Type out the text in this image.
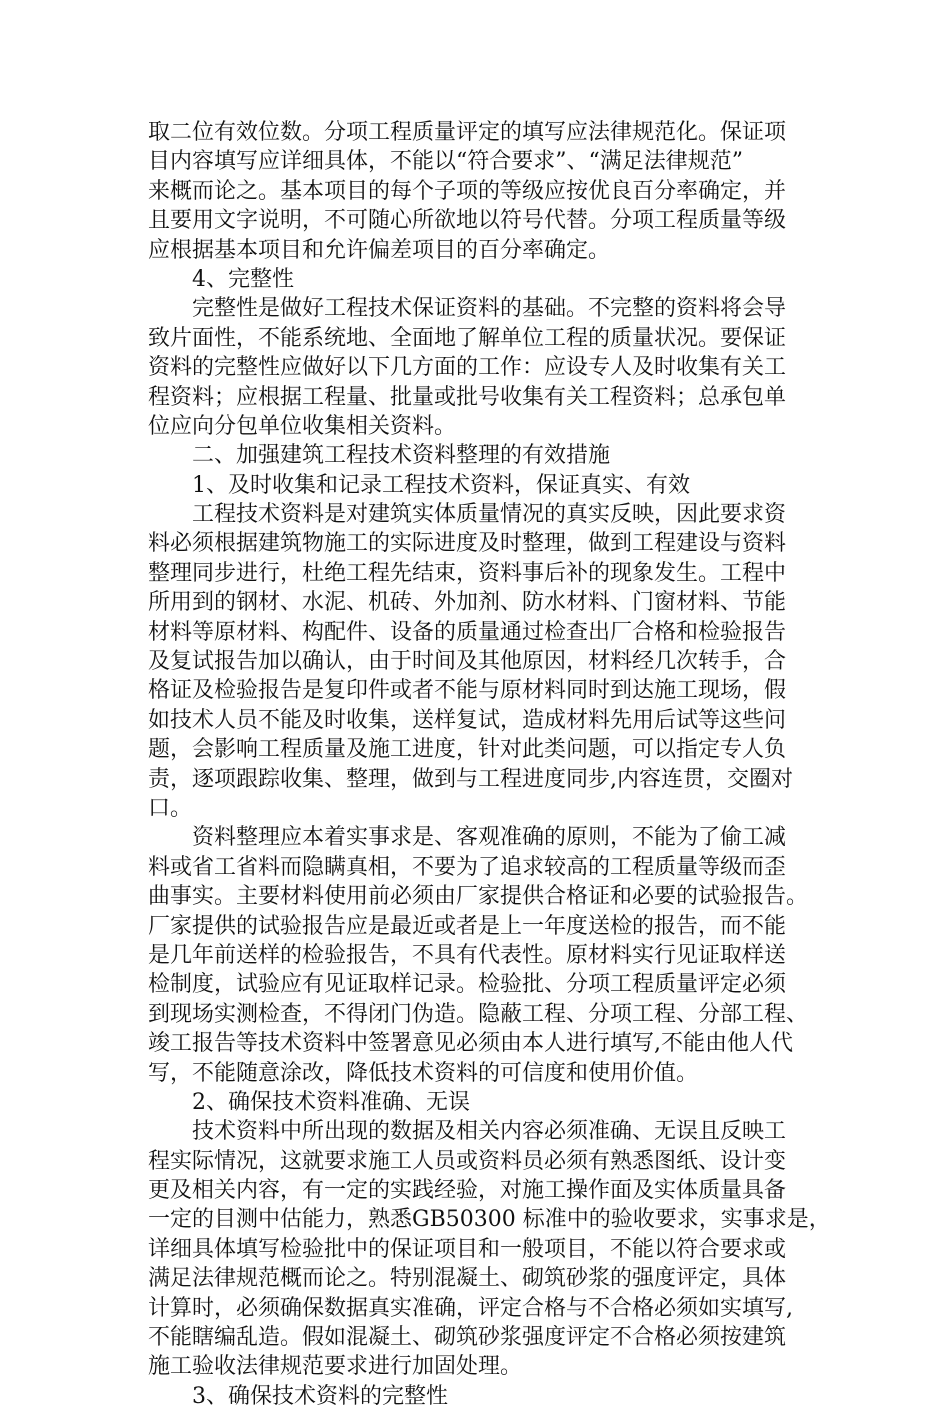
取二位有效位数。分项工程质量评定的填写应法律规范化。保证项
目内容填写应详细具体，不能以“符合要求”、“满足法律规范”
来概而论之。基本项目的每个子项的等级应按优良百分率确定，并
且要用文字说明，不可随心所欲地以符号代替。分项工程质量等级
应根据基本项目和允许偏差项目的百分率确定。
4、完整性
完整性是做好工程技术保证资料的基础。不完整的资料将会导
致片面性，不能系统地、全面地了解单位工程的质量状况。要保证
资料的完整性应做好以下几方面的工作：应设专人及时收集有关工
程资料；应根据工程量、批量或批号收集有关工程资料；总承包单
位应向分包单位收集相关资料。
二、加强建筑工程技术资料整理的有效措施
1、及时收集和记录工程技术资料，保证真实、有效
工程技术资料是对建筑实体质量情况的真实反映，因此要求资
料必须根据建筑物施工的实际进度及时整理，做到工程建设与资料
整理同步进行，杜绝工程先结束，资料事后补的现象发生。工程中
所用到的钢材、水泥、机砖、外加剂、防水材料、门窗材料、节能
材料等原材料、构配件、设备的质量通过检查出厂合格和检验报告
及复试报告加以确认，由于时间及其他原因，材料经几次转手，合
格证及检验报告是复印件或者不能与原材料同时到达施工现场，假
如技术人员不能及时收集，送样复试，造成材料先用后试等这些问
题，会影响工程质量及施工进度，针对此类问题，可以指定专人负
责，逐项跟踪收集、整理，做到与工程进度同步,内容连贯，交圈对
口。
资料整理应本着实事求是、客观准确的原则，不能为了偷工减
料或省工省料而隐瞒真相，不要为了追求较高的工程质量等级而歪
曲事实。主要材料使用前必须由厂家提供合格证和必要的试验报告。
厂家提供的试验报告应是最近或者是上一年度送检的报告，而不能
是几年前送样的检验报告，不具有代表性。原材料实行见证取样送
检制度，试验应有见证取样记录。检验批、分项工程质量评定必须
到现场实测检查，不得闭门伪造。隐蔽工程、分项工程、分部工程、
竣工报告等技术资料中签署意见必须由本人进行填写,不能由他人代
写，不能随意涂改，降低技术资料的可信度和使用价值。
2、确保技术资料准确、无误
技术资料中所出现的数据及相关内容必须准确、无误且反映工
程实际情况，这就要求施工人员或资料员必须有熟悉图纸、设计变
更及相关内容，有一定的实践经验，对施工操作面及实体质量具备
一定的目测中估能力，熟悉GB50300 标准中的验收要求，实事求是，
详细具体填写检验批中的保证项目和一般项目，不能以符合要求或
满足法律规范概而论之。特别混凝土、砌筑砂浆的强度评定，具体
计算时，必须确保数据真实准确，评定合格与不合格必须如实填写,
不能瞎编乱造。假如混凝土、砌筑砂浆强度评定不合格必须按建筑
施工验收法律规范要求进行加固处理。
3、确保技术资料的完整性
